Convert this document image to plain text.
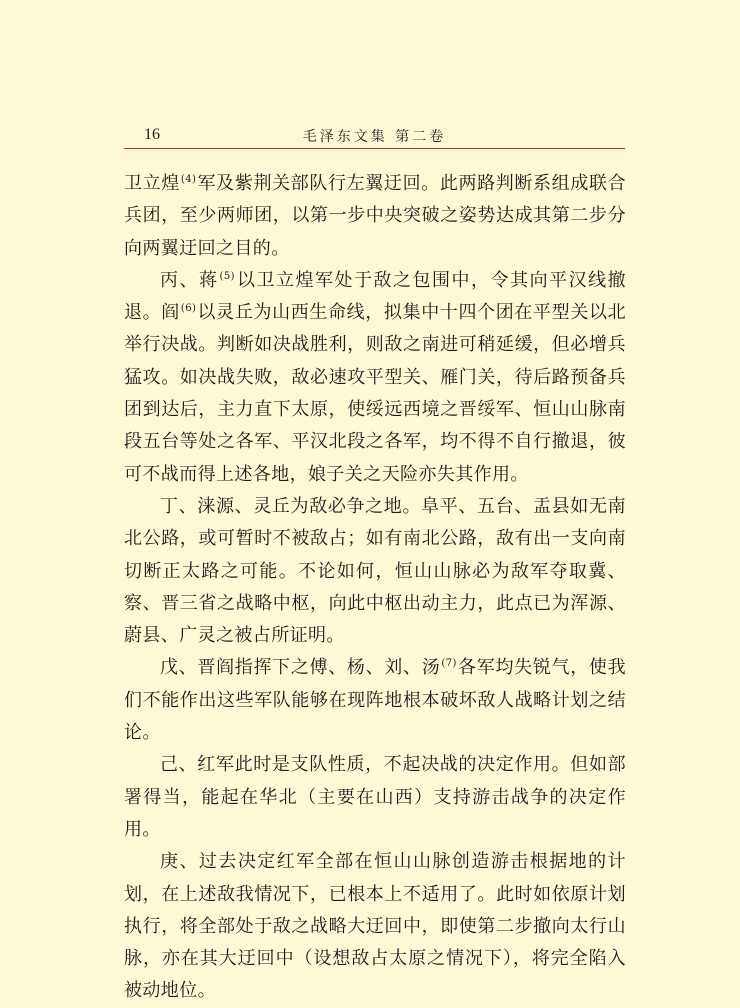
16	毛泽东文集 第二卷

卫立煌$^{(4)}$军及紫荆关部队行左翼迂回。此两路判断系组成联合兵团，至少两师团，以第一步中央突破之姿势达成其第二步分向两翼迂回之目的。

丙、蒋$^{(5)}$以卫立煌军处于敌之包围中，令其向平汉线撤退。阎$^{(6)}$以灵丘为山西生命线，拟集中十四个团在平型关以北举行决战。判断如决战胜利，则敌之南进可稍延缓，但必增兵猛攻。如决战失败，敌必速攻平型关、雁门关，待后路预备兵团到达后，主力直下太原，使绥远西境之晋绥军、恒山山脉南段五台等处之各军、平汉北段之各军，均不得不自行撤退，彼可不战而得上述各地，娘子关之天险亦失其作用。

丁、涞源、灵丘为敌必争之地。阜平、五台、盂县如无南北公路，或可暂时不被敌占；如有南北公路，敌有出一支向南切断正太路之可能。不论如何，恒山山脉必为敌军夺取冀、察、晋三省之战略中枢，向此中枢出动主力，此点已为浑源、蔚县、广灵之被占所证明。

戊、晋阎指挥下之傅、杨、刘、汤$^{(7)}$各军均失锐气，使我们不能作出这些军队能够在现阵地根本破坏敌人战略计划之结论。

己、红军此时是支队性质，不起决战的决定作用。但如部署得当，能起在华北（主要在山西）支持游击战争的决定作用。

庚、过去决定红军全部在恒山山脉创造游击根据地的计划，在上述敌我情况下，已根本上不适用了。此时如依原计划执行，将全部处于敌之战略大迂回中，即使第二步撤向太行山脉，亦在其大迂回中（设想敌占太原之情况下），将完全陷入被动地位。
